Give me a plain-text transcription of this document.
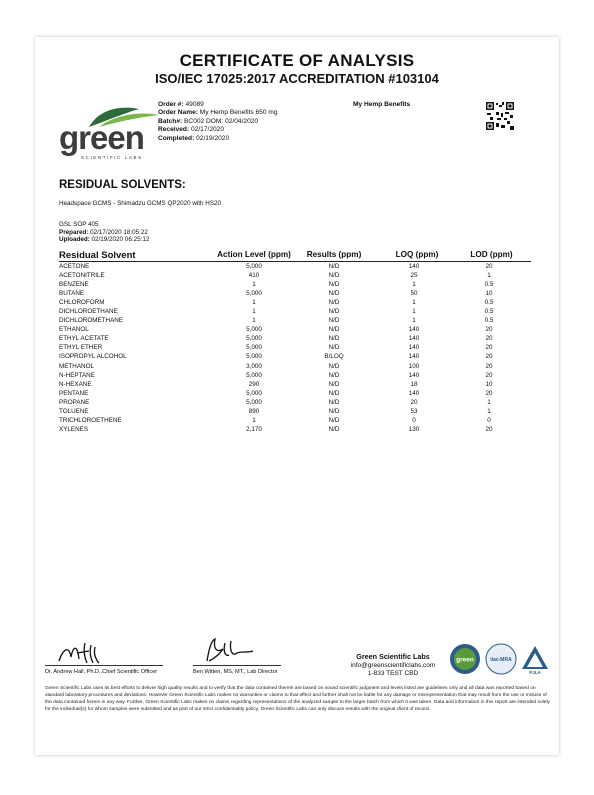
CERTIFICATE OF ANALYSIS
ISO/IEC 17025:2017 ACCREDITATION #103104
green
SCIENTIFIC LABS
Order #: 49089
Order Name: My Hemp Benefits 650 mg
Batch#: BC002 DOM: 02/04/2020
Received: 02/17/2020
Completed: 02/19/2020
My Hemp Benefits
RESIDUAL SOLVENTS:
Headspace GCMS - Shimadzu GCMS QP2020 with HS20
GSL SOP 405
Prepared: 02/17/2020 18:05:22
Uploaded: 02/19/2020 06:25:12
Residual Solvent	Action Level (ppm)	Results (ppm)	LOQ (ppm)	LOD (ppm)
ACETONE	5,000	N/D	140	20
ACETONITRILE	410	N/D	25	1
BENZENE	1	N/D	1	0.5
BUTANE	5,000	N/D	50	10
CHLOROFORM	1	N/D	1	0.5
DICHLOROETHANE	1	N/D	1	0.5
DICHLOROMETHANE	1	N/D	1	0.5
ETHANOL	5,000	N/D	140	20
ETHYL ACETATE	5,000	N/D	140	20
ETHYL ETHER	5,000	N/D	140	20
ISOPROPYL ALCOHOL	5,000	B/LOQ	140	20
METHANOL	3,000	N/D	100	20
N-HEPTANE	5,000	N/D	140	20
N-HEXANE	290	N/D	18	10
PENTANE	5,000	N/D	140	20
PROPANE	5,000	N/D	20	1
TOLUENE	890	N/D	53	1
TRICHLOROETHENE	1	N/D	0	0
XYLENES	2,170	N/D	130	20
Dr. Andrew Hall, Ph.D.,Chief Scientific Officer	Ben Witten, MS, MT., Lab Director
Green Scientific Labs
info@greenscientificlabs.com
1-833 TEST CBD
green	ilac-MRA
PJLA
Green Scientific Labs uses its best efforts to deliver high quality results and to verify that the data contained therein are based on sound scientific judgment and levels listed are guidelines only and all data was reported based on standard laboratory procedures and deviations. However Green Scientific Labs makes no warranties or claims to that effect and further shall not be liable for any damage or misrepresentation that may result from the use or misuse of the data contained herein in any way. Further, Green Scientific Labs makes no claims regarding representations of the analyzed sample to the larger batch from which it was taken. Data and information in this report are intended solely for the individual(s) for whom samples were submitted and as part of our strict confidentiality policy, Green Scientific Labs can only discuss results with the original client of record.
